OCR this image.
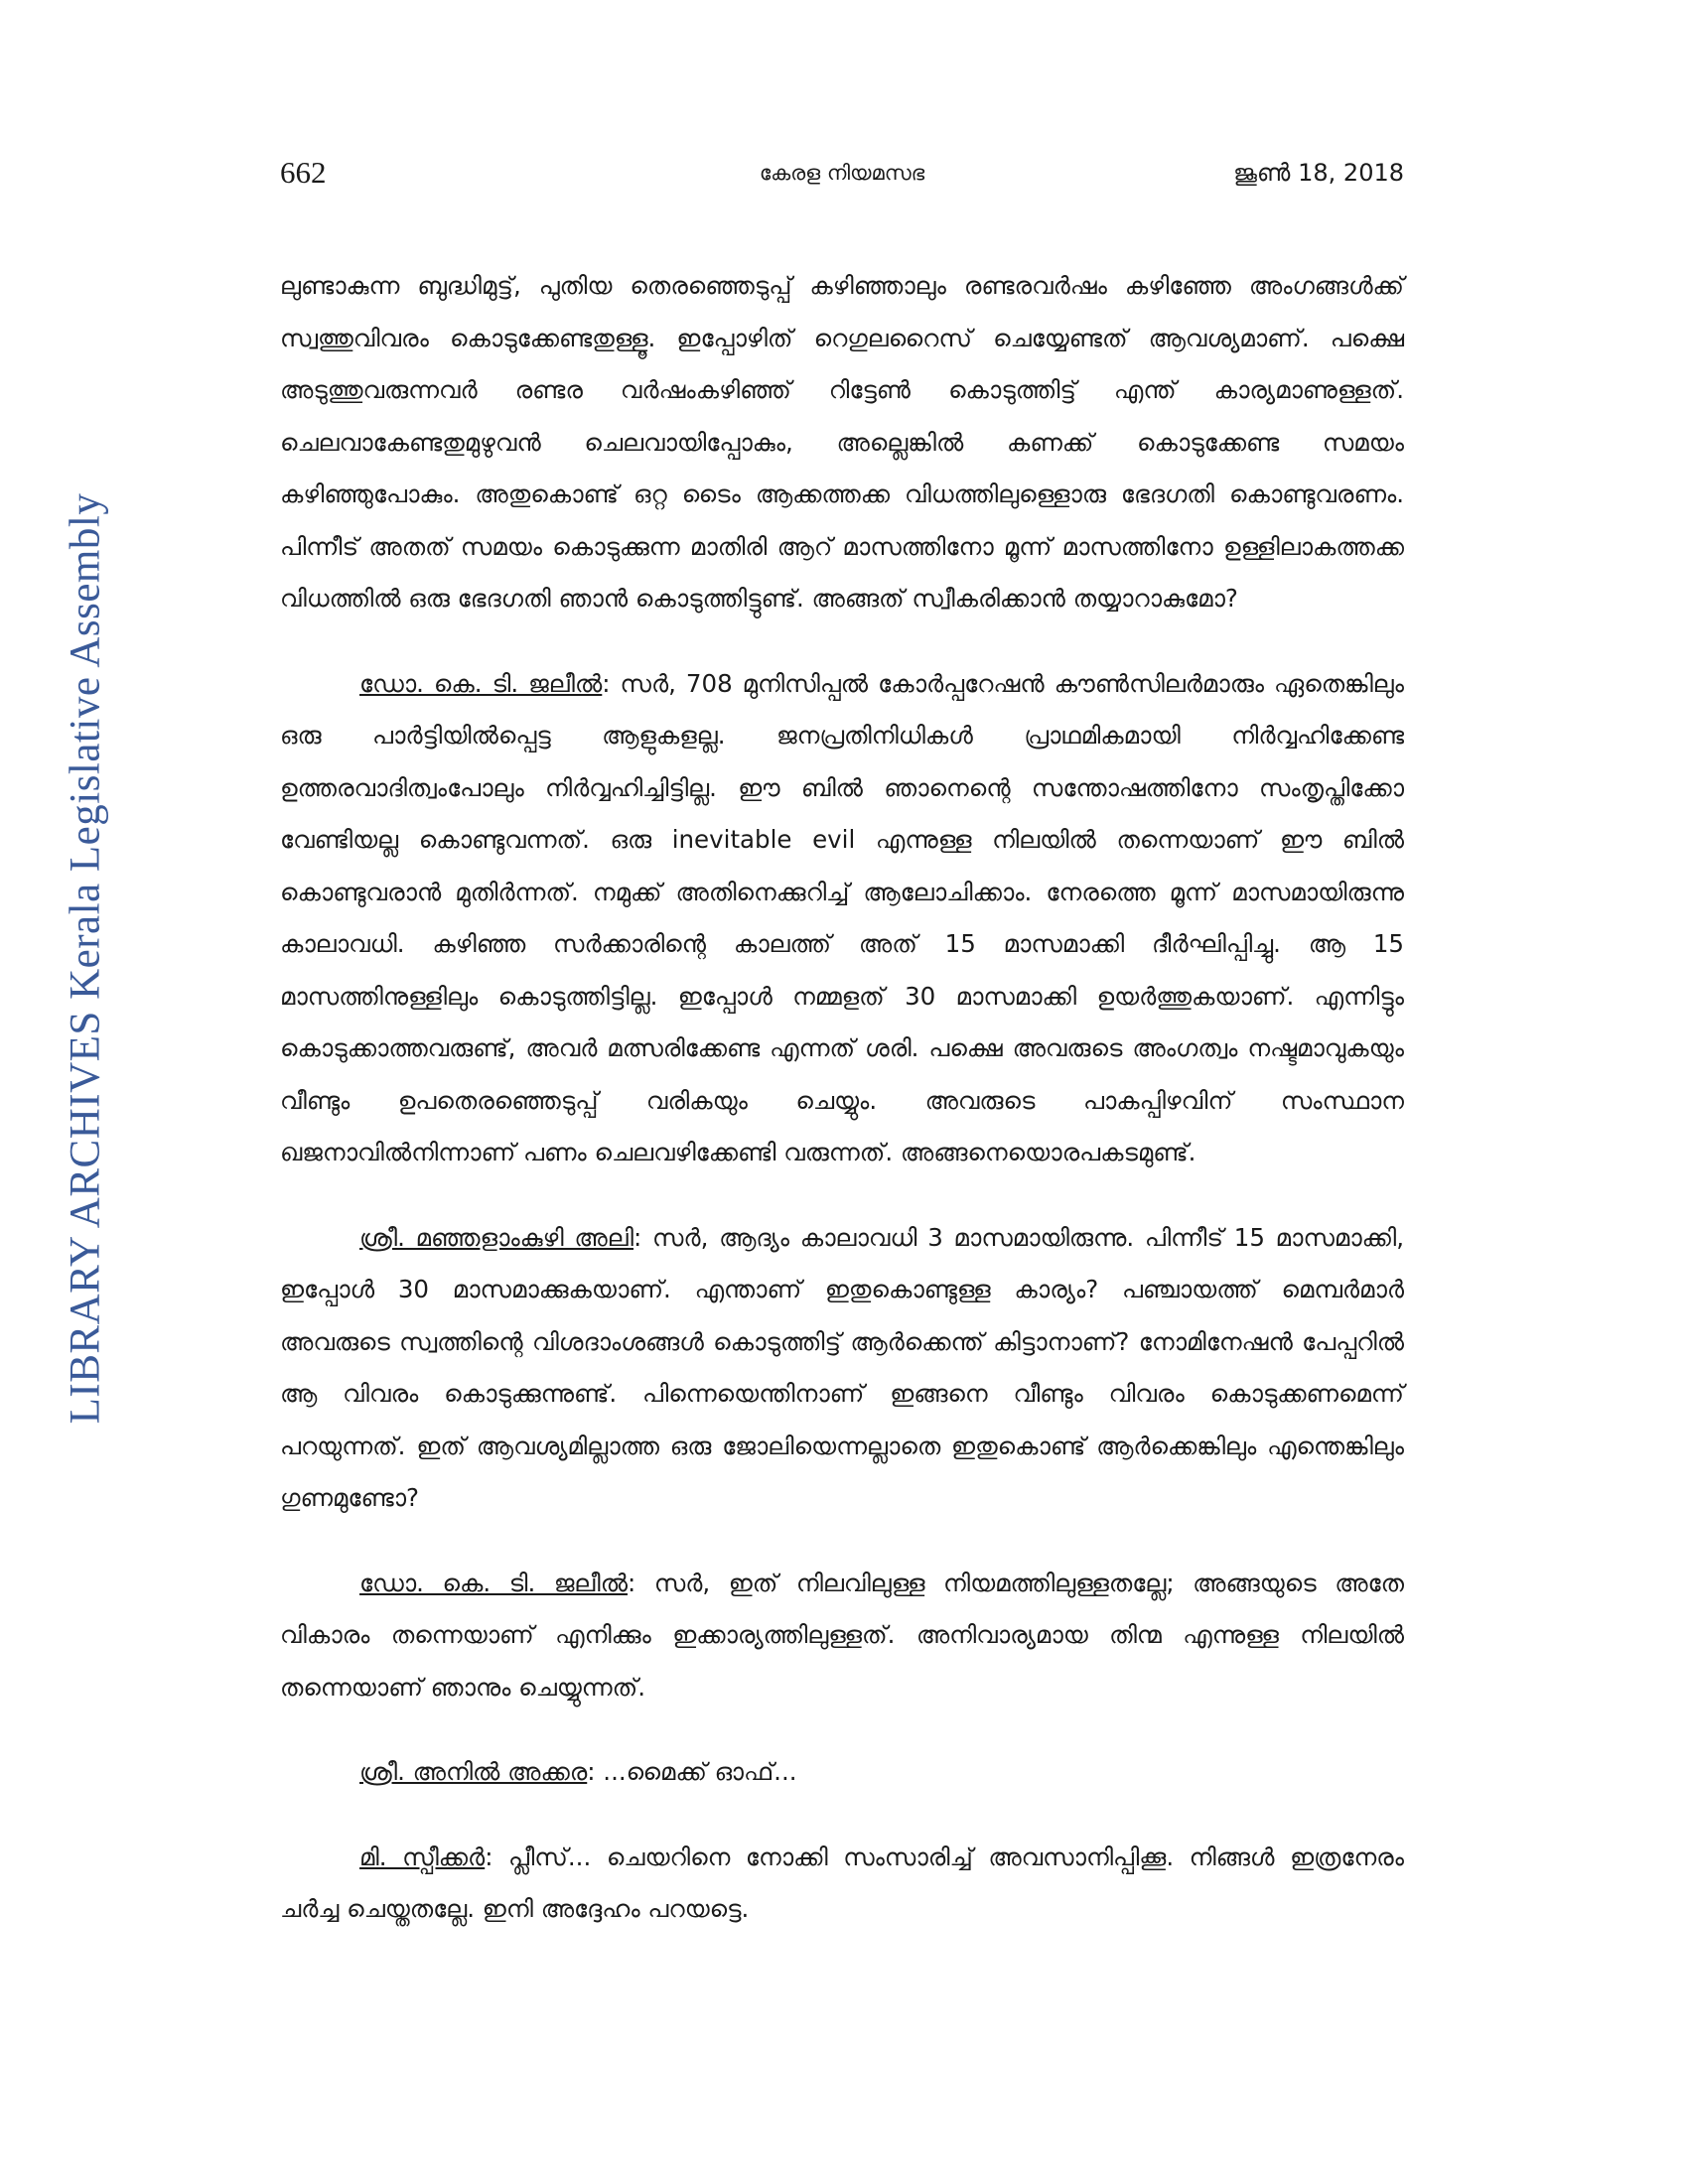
LIBRARY ARCHIVES Kerala Legislative Assembly
662	കേരള നിയമസഭ	ജൂൺ 18, 2018

ലുണ്ടാകുന്ന ബുദ്ധിമുട്ട്, പുതിയ തെരഞ്ഞെടുപ്പ് കഴിഞ്ഞാലും രണ്ടരവർഷം കഴിഞ്ഞേ അംഗങ്ങൾക്ക് സ്വത്തുവിവരം കൊടുക്കേണ്ടതുള്ളൂ. ഇപ്പോഴിത് റെഗുലറൈസ് ചെയ്യേണ്ടത് ആവശ്യമാണ്. പക്ഷെ അടുത്തുവരുന്നവർ രണ്ടര വർഷംകഴിഞ്ഞ് റിട്ടേൺ കൊടുത്തിട്ട് എന്ത് കാര്യമാണുള്ളത്. ചെലവാകേണ്ടതുമുഴുവൻ ചെലവായിപ്പോകും, അല്ലെങ്കിൽ കണക്ക് കൊടുക്കേണ്ട സമയം കഴിഞ്ഞുപോകും. അതുകൊണ്ട് ഒറ്റ ടൈം ആക്കത്തക്ക വിധത്തിലുള്ളൊരു ഭേദഗതി കൊണ്ടുവരണം. പിന്നീട് അതത് സമയം കൊടുക്കുന്ന മാതിരി ആറ് മാസത്തിനോ മൂന്ന് മാസത്തിനോ ഉള്ളിലാകത്തക്ക വിധത്തിൽ ഒരു ഭേദഗതി ഞാൻ കൊടുത്തിട്ടുണ്ട്. അങ്ങത് സ്വീകരിക്കാൻ തയ്യാറാകുമോ?

ഡോ. കെ. ടി. ജലീൽ: സർ, 708 മുനിസിപ്പൽ കോർപ്പറേഷൻ കൗൺസിലർമാരും ഏതെങ്കിലും ഒരു പാർട്ടിയിൽപ്പെട്ട ആളുകളല്ല. ജനപ്രതിനിധികൾ പ്രാഥമികമായി നിർവ്വഹിക്കേണ്ട ഉത്തരവാദിത്വംപോലും നിർവ്വഹിച്ചിട്ടില്ല. ഈ ബിൽ ഞാനെന്റെ സന്തോഷത്തിനോ സംതൃപ്തിക്കോ വേണ്ടിയല്ല കൊണ്ടുവന്നത്. ഒരു inevitable evil എന്നുള്ള നിലയിൽ തന്നെയാണ് ഈ ബിൽ കൊണ്ടുവരാൻ മുതിർന്നത്. നമുക്ക് അതിനെക്കുറിച്ച് ആലോചിക്കാം. നേരത്തെ മൂന്ന് മാസമായിരുന്നു കാലാവധി. കഴിഞ്ഞ സർക്കാരിന്റെ കാലത്ത് അത് 15 മാസമാക്കി ദീർഘിപ്പിച്ചു. ആ 15 മാസത്തിനുള്ളിലും കൊടുത്തിട്ടില്ല. ഇപ്പോൾ നമ്മളത് 30 മാസമാക്കി ഉയർത്തുകയാണ്. എന്നിട്ടും കൊടുക്കാത്തവരുണ്ട്, അവർ മത്സരിക്കേണ്ട എന്നത് ശരി. പക്ഷെ അവരുടെ അംഗത്വം നഷ്ടമാവുകയും വീണ്ടും ഉപതെരഞ്ഞെടുപ്പ് വരികയും ചെയ്യും. അവരുടെ പാകപ്പിഴവിന് സംസ്ഥാന ഖജനാവിൽനിന്നാണ് പണം ചെലവഴിക്കേണ്ടി വരുന്നത്. അങ്ങനെയൊരപകടമുണ്ട്.

ശ്രീ. മഞ്ഞളാംകുഴി അലി: സർ, ആദ്യം കാലാവധി 3 മാസമായിരുന്നു. പിന്നീട് 15 മാസമാക്കി, ഇപ്പോൾ 30 മാസമാക്കുകയാണ്. എന്താണ് ഇതുകൊണ്ടുള്ള കാര്യം? പഞ്ചായത്ത് മെമ്പർമാർ അവരുടെ സ്വത്തിന്റെ വിശദാംശങ്ങൾ കൊടുത്തിട്ട് ആർക്കെന്ത് കിട്ടാനാണ്? നോമിനേഷൻ പേപ്പറിൽ ആ വിവരം കൊടുക്കുന്നുണ്ട്. പിന്നെയെന്തിനാണ് ഇങ്ങനെ വീണ്ടും വിവരം കൊടുക്കണമെന്ന് പറയുന്നത്. ഇത് ആവശ്യമില്ലാത്ത ഒരു ജോലിയെന്നല്ലാതെ ഇതുകൊണ്ട് ആർക്കെങ്കിലും എന്തെങ്കിലും ഗുണമുണ്ടോ?

ഡോ. കെ. ടി. ജലീൽ: സർ, ഇത് നിലവിലുള്ള നിയമത്തിലുള്ളതല്ലേ; അങ്ങയുടെ അതേ വികാരം തന്നെയാണ് എനിക്കും ഇക്കാര്യത്തിലുള്ളത്. അനിവാര്യമായ തിന്മ എന്നുള്ള നിലയിൽ തന്നെയാണ് ഞാനും ചെയ്യുന്നത്.

ശ്രീ. അനിൽ അക്കര: ...മൈക്ക് ഓഫ്...

മി. സ്പീക്കർ: പ്ലീസ്... ചെയറിനെ നോക്കി സംസാരിച്ച് അവസാനിപ്പിക്കൂ. നിങ്ങൾ ഇത്രനേരം ചർച്ച ചെയ്തതല്ലേ. ഇനി അദ്ദേഹം പറയട്ടെ.
